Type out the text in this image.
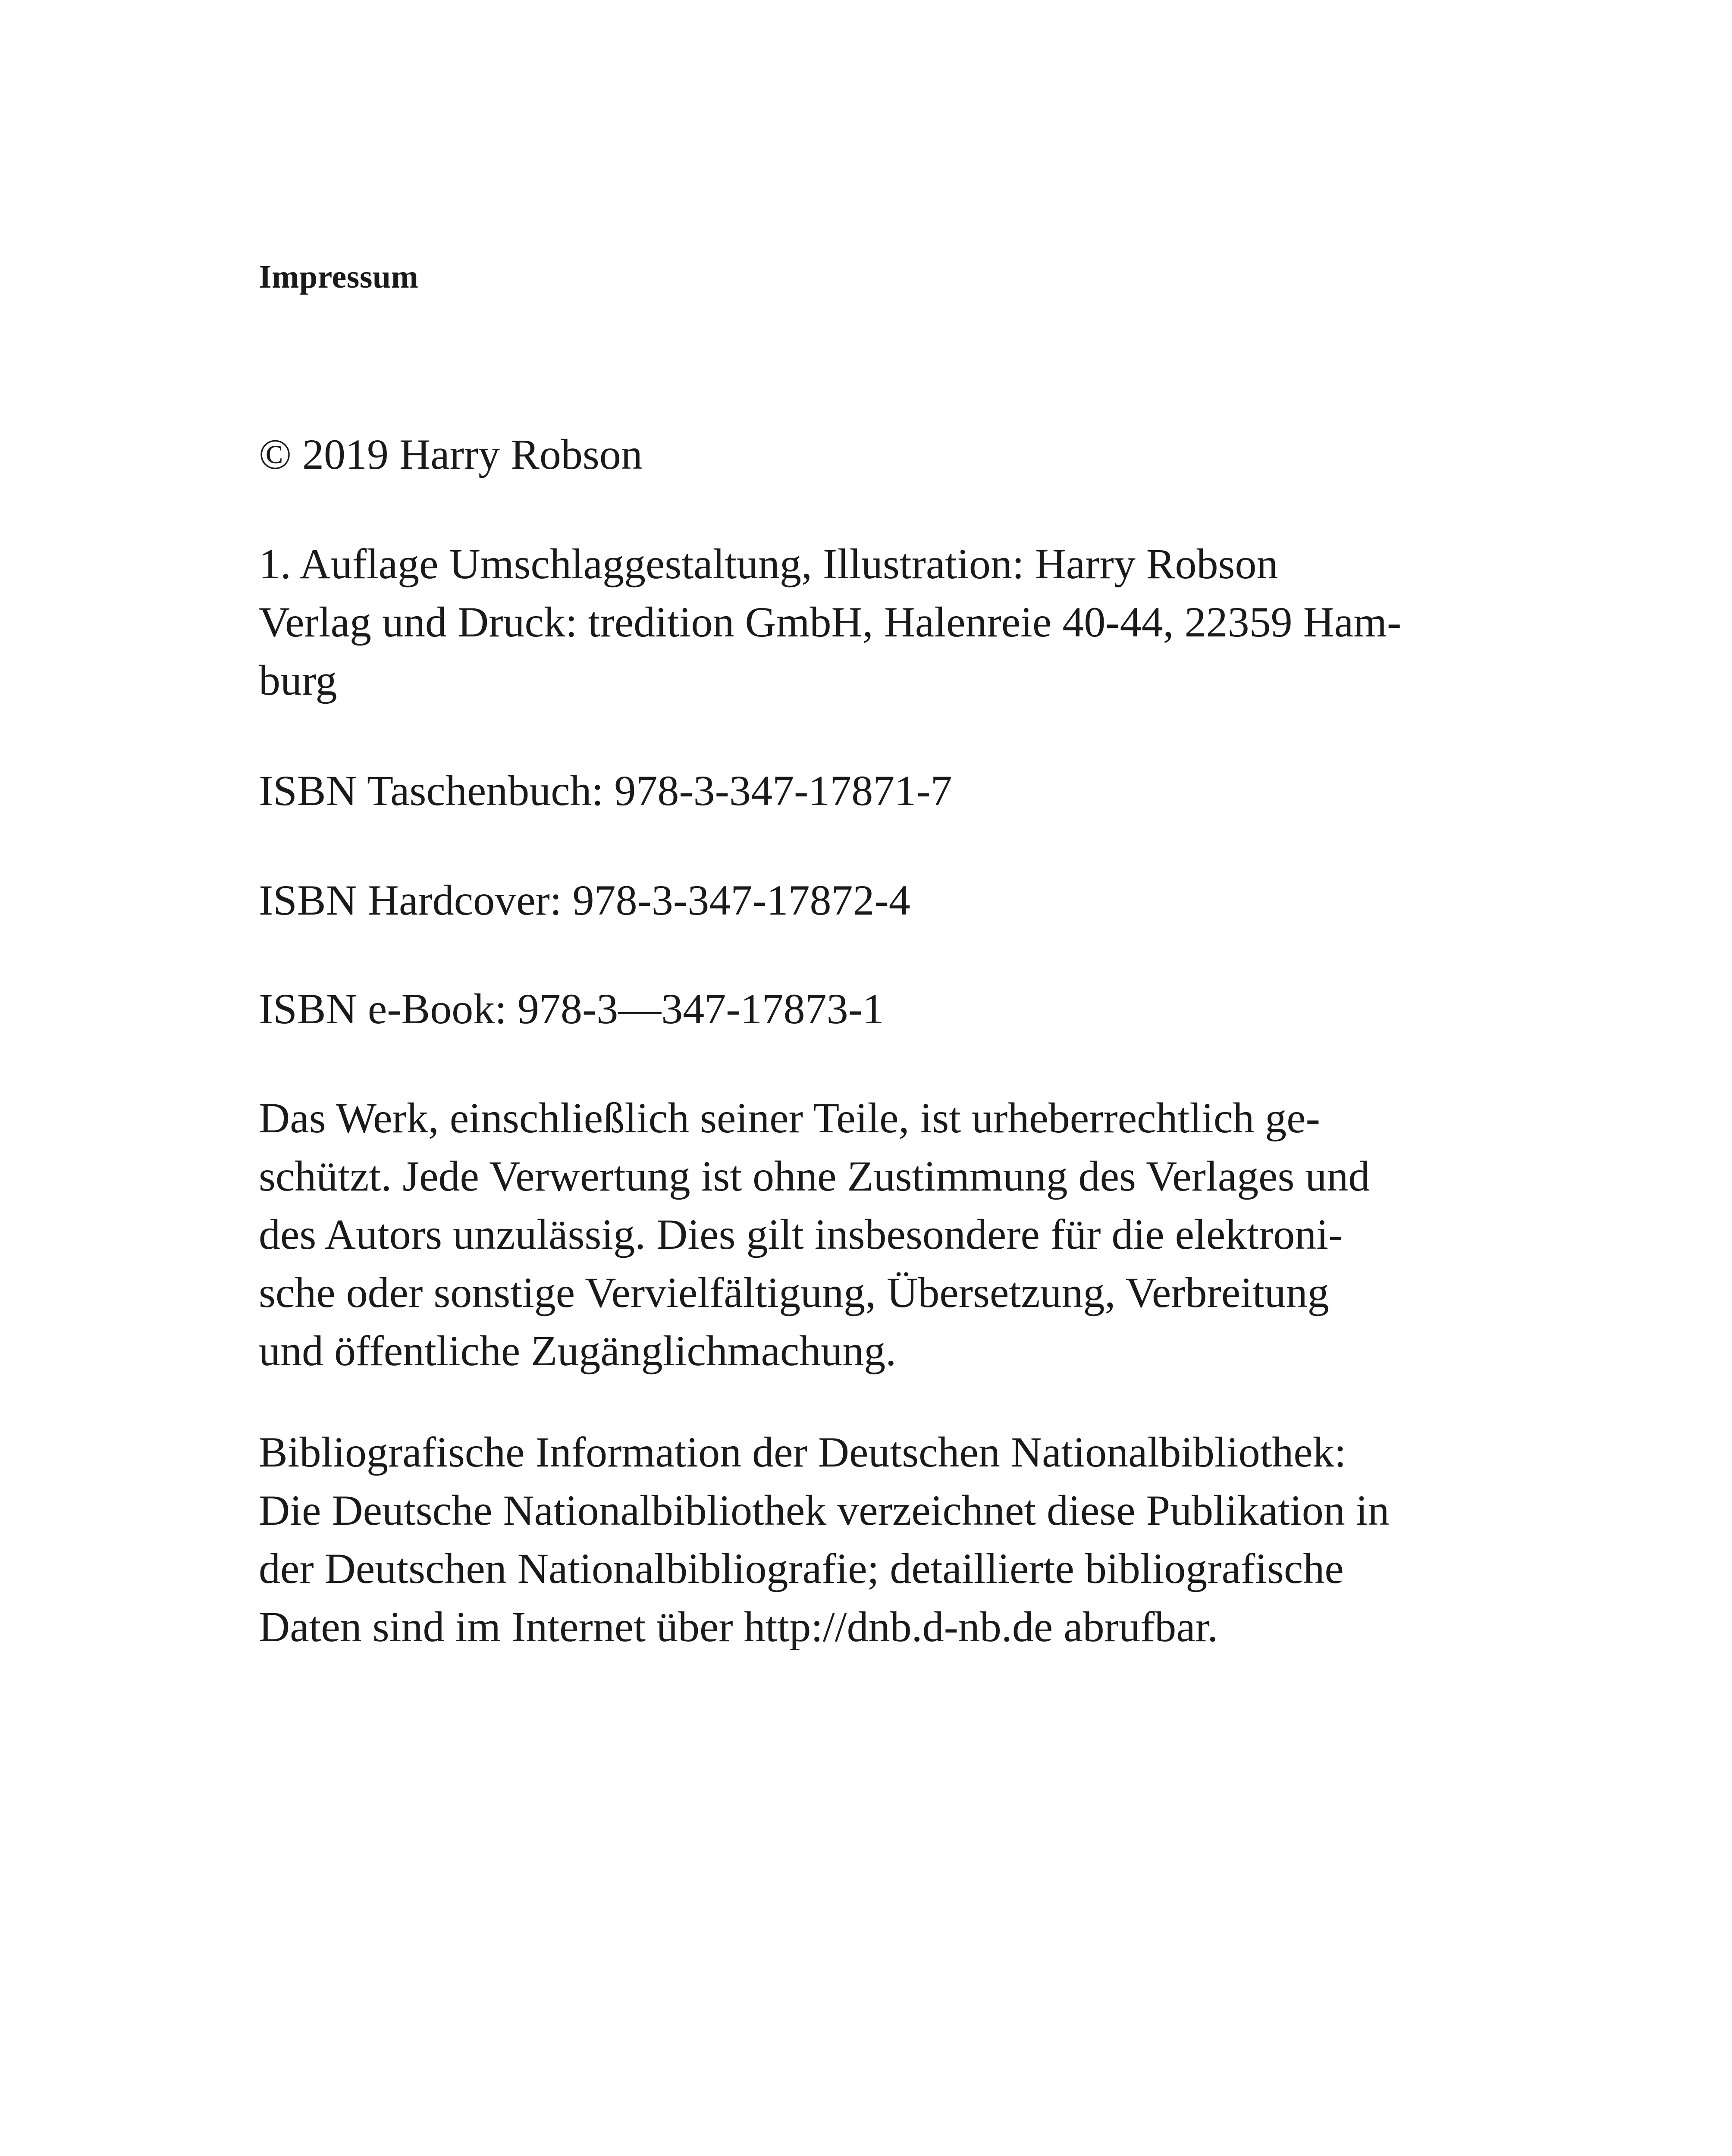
Impressum

© 2019 Harry Robson

1. Auflage Umschlaggestaltung, Illustration: Harry Robson
Verlag und Druck: tredition GmbH, Halenreie 40-44, 22359 Ham-
burg

ISBN Taschenbuch: 978-3-347-17871-7

ISBN Hardcover: 978-3-347-17872-4

ISBN e-Book: 978-3—347-17873-1

Das Werk, einschließlich seiner Teile, ist urheberrechtlich ge-
schützt. Jede Verwertung ist ohne Zustimmung des Verlages und
des Autors unzulässig. Dies gilt insbesondere für die elektroni-
sche oder sonstige Vervielfältigung, Übersetzung, Verbreitung
und öffentliche Zugänglichmachung.

Bibliografische Information der Deutschen Nationalbibliothek:
Die Deutsche Nationalbibliothek verzeichnet diese Publikation in
der Deutschen Nationalbibliografie; detaillierte bibliografische
Daten sind im Internet über http://dnb.d-nb.de abrufbar.
